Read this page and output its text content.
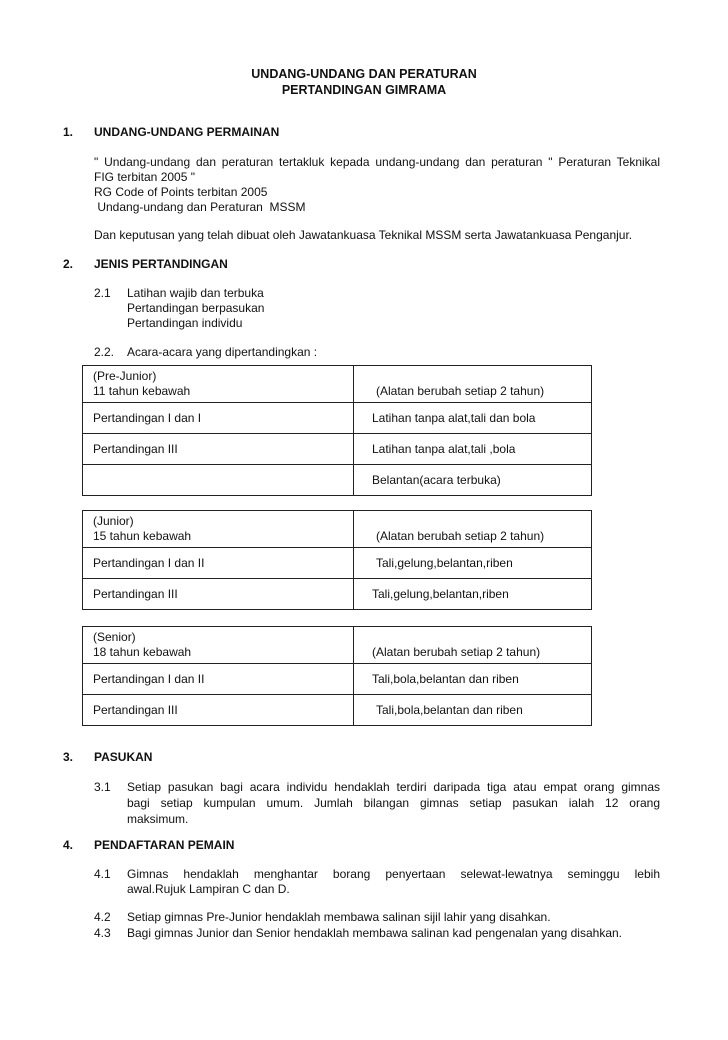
UNDANG-UNDANG DAN PERATURAN
PERTANDINGAN GIMRAMA
1. UNDANG-UNDANG PERMAINAN
" Undang-undang dan peraturan tertakluk kepada undang-undang dan peraturan " Peraturan Teknikal
FIG terbitan 2005 "
RG Code of Points terbitan 2005
Undang-undang dan Peraturan  MSSM
Dan keputusan yang telah dibuat oleh Jawatankuasa Teknikal MSSM serta Jawatankuasa Penganjur.
2. JENIS PERTANDINGAN
2.1 Latihan wajib dan terbuka
Pertandingan berpasukan
Pertandingan individu
2.2. Acara-acara yang dipertandingkan :
(Pre-Junior)
11 tahun kebawah	(Alatan berubah setiap 2 tahun)
Pertandingan I dan I	Latihan tanpa alat,tali dan bola
Pertandingan III	Latihan tanpa alat,tali ,bola
	Belantan(acara terbuka)
(Junior)
15 tahun kebawah	(Alatan berubah setiap 2 tahun)
Pertandingan I dan II	Tali,gelung,belantan,riben
Pertandingan III	Tali,gelung,belantan,riben
(Senior)
18 tahun kebawah	(Alatan berubah setiap 2 tahun)
Pertandingan I dan II	Tali,bola,belantan dan riben
Pertandingan III	Tali,bola,belantan dan riben
3. PASUKAN
3.1 Setiap pasukan bagi acara individu hendaklah terdiri daripada tiga atau empat orang gimnas
bagi setiap kumpulan umum. Jumlah bilangan gimnas setiap pasukan ialah 12 orang
maksimum.
4. PENDAFTARAN PEMAIN
4.1 Gimnas hendaklah menghantar borang penyertaan selewat-lewatnya seminggu lebih
awal.Rujuk Lampiran C dan D.
4.2 Setiap gimnas Pre-Junior hendaklah membawa salinan sijil lahir yang disahkan.
4.3 Bagi gimnas Junior dan Senior hendaklah membawa salinan kad pengenalan yang disahkan.
